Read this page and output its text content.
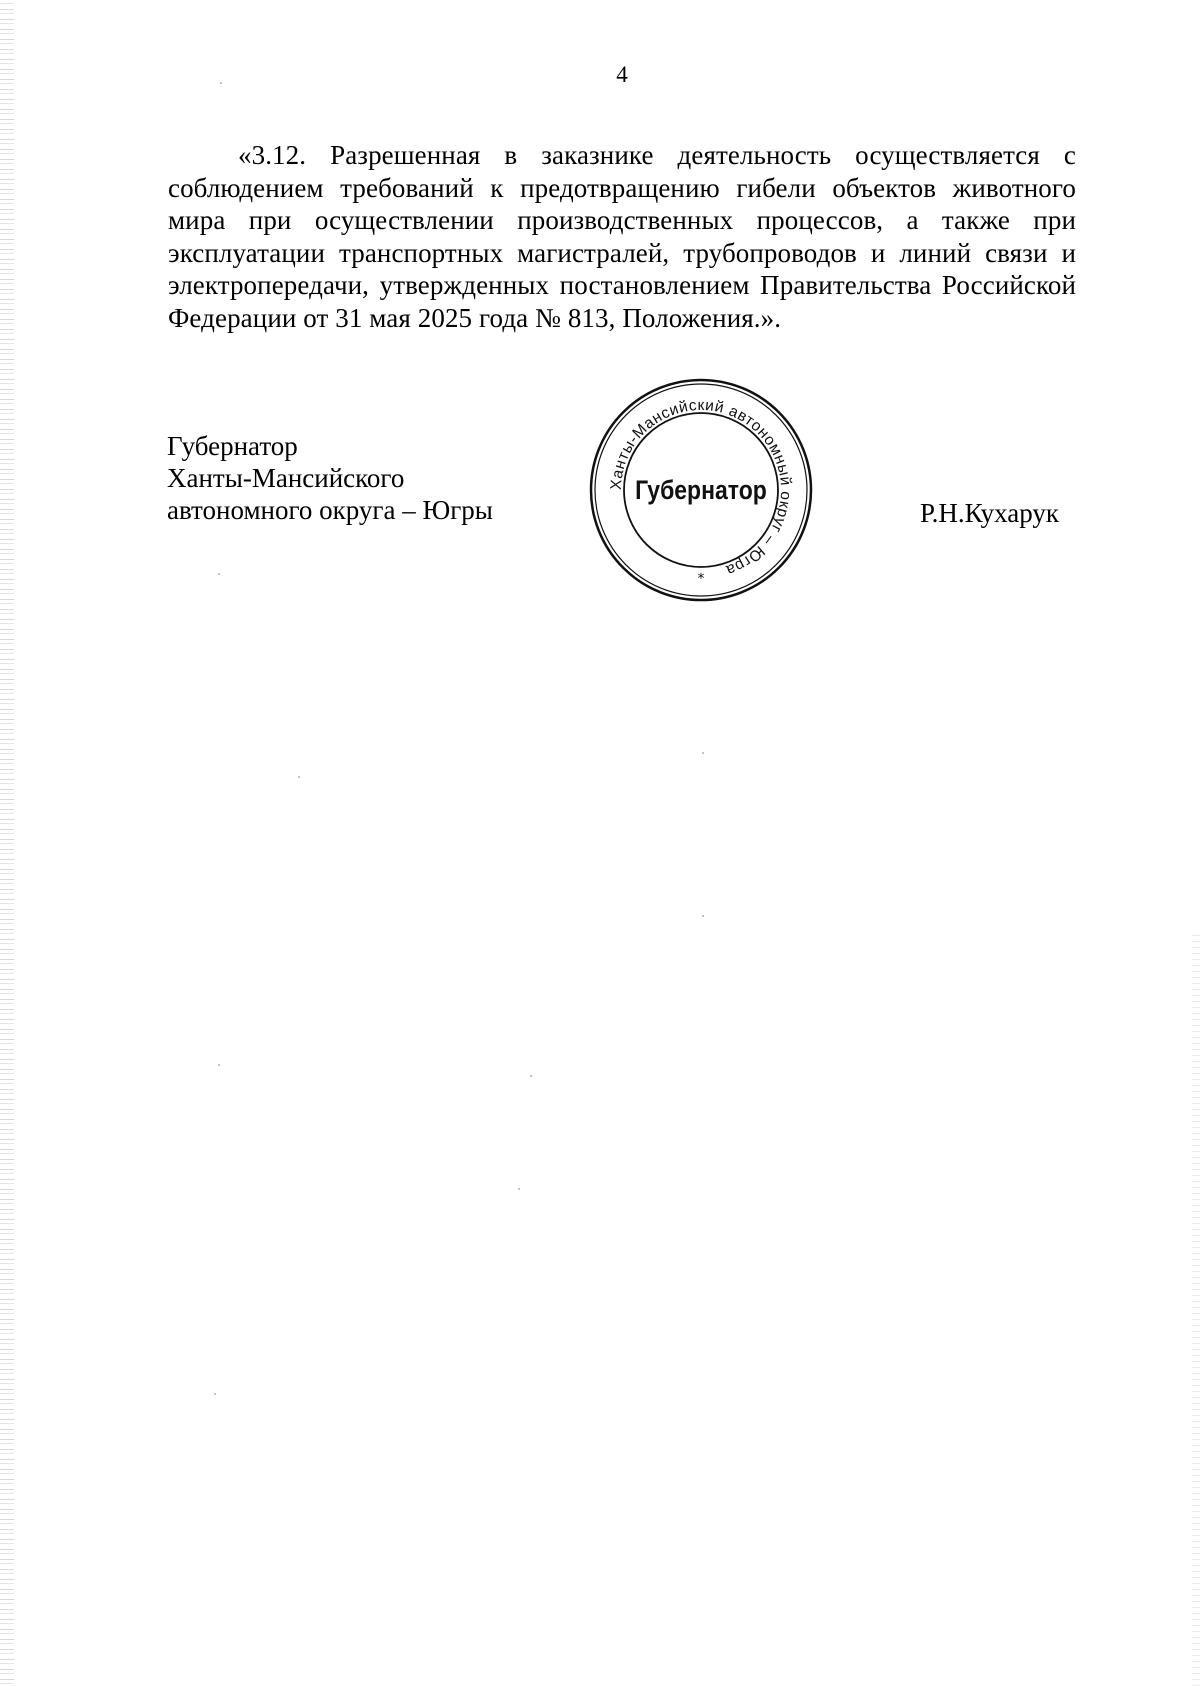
4

«3.12. Разрешенная в заказнике деятельность осуществляется с соблюдением требований к предотвращению гибели объектов животного мира при осуществлении производственных процессов, а также при эксплуатации транспортных магистралей, трубопроводов и линий связи и электропередачи, утвержденных постановлением Правительства Российской Федерации от 31 мая 2025 года № 813, Положения.».

Губернатор
Ханты-Мансийского
автономного округа – Югры	Р.Н.Кухарук
Ханты-Мансийский автономный округ – Югра
Губернатор
*
